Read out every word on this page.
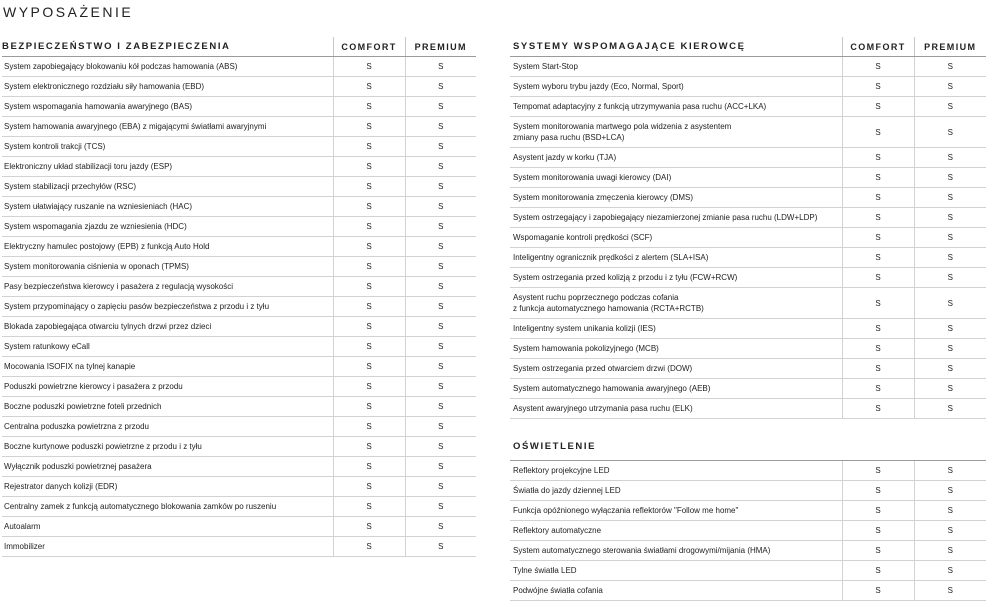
WYPOSAŻENIE
BEZPIECZEŃSTWO I ZABEZPIECZENIA	COMFORT	PREMIUM

System zapobiegający blokowaniu kół podczas hamowania (ABS)	S	S

System elektronicznego rozdziału siły hamowania (EBD)	S	S

System wspomagania hamowania awaryjnego (BAS)	S	S

System hamowania awaryjnego (EBA) z migającymi światłami awaryjnymi	S	S

System kontroli trakcji (TCS)	S	S

Elektroniczny układ stabilizacji toru jazdy (ESP)	S	S

System stabilizacji przechyłów (RSC)	S	S

System ułatwiający ruszanie na wzniesieniach (HAC)	S	S

System wspomagania zjazdu ze wzniesienia (HDC)	S	S

Elektryczny hamulec postojowy (EPB) z funkcją Auto Hold	S	S

System monitorowania ciśnienia w oponach (TPMS)	S	S

Pasy bezpieczeństwa kierowcy i pasażera z regulacją wysokości	S	S

System przypominający o zapięciu pasów bezpieczeństwa z przodu i z tyłu	S	S

Blokada zapobiegająca otwarciu tylnych drzwi przez dzieci	S	S

System ratunkowy eCall	S	S

Mocowania ISOFIX na tylnej kanapie	S	S

Poduszki powietrzne kierowcy i pasażera z przodu	S	S

Boczne poduszki powietrzne foteli przednich	S	S

Centralna poduszka powietrzna z przodu	S	S

Boczne kurtynowe poduszki powietrzne z przodu i z tyłu	S	S

Wyłącznik poduszki powietrznej pasażera	S	S

Rejestrator danych kolizji (EDR)	S	S

Centralny zamek z funkcją automatycznego blokowania zamków po ruszeniu	S	S

Autoalarm	S	S

Immobilizer	S	S
SYSTEMY WSPOMAGAJĄCE KIEROWCĘ	COMFORT	PREMIUM

System Start-Stop	S	S

System wyboru trybu jazdy (Eco, Normal, Sport)	S	S

Tempomat adaptacyjny z funkcją utrzymywania pasa ruchu (ACC+LKA)	S	S

System monitorowania martwego pola widzenia z asystentem
zmiany pasa ruchu (BSD+LCA)	S	S

Asystent jazdy w korku (TJA)	S	S

System monitorowania uwagi kierowcy (DAI)	S	S

System monitorowania zmęczenia kierowcy (DMS)	S	S

System ostrzegający i zapobiegający niezamierzonej zmianie pasa ruchu (LDW+LDP)	S	S

Wspomaganie kontroli prędkości (SCF)	S	S

Inteligentny ogranicznik prędkości z alertem (SLA+ISA)	S	S

System ostrzegania przed kolizją z przodu i z tyłu (FCW+RCW)	S	S

Asystent ruchu poprzecznego podczas cofania
z funkcja automatycznego hamowania (RCTA+RCTB)	S	S

Inteligentny system unikania kolizji (IES)	S	S

System hamowania pokolizyjnego (MCB)	S	S

System ostrzegania przed otwarciem drzwi (DOW)	S	S

System automatycznego hamowania awaryjnego (AEB)	S	S

Asystent awaryjnego utrzymania pasa ruchu (ELK)	S	S
OŚWIETLENIE
Reflektory projekcyjne LED	S	S

Światła do jazdy dziennej LED	S	S

Funkcja opóźnionego wyłączania reflektorów "Follow me home"	S	S

Reflektory automatyczne	S	S

System automatycznego sterowania światłami drogowymi/mijania (HMA)	S	S

Tylne światła LED	S	S

Podwójne światła cofania	S	S
